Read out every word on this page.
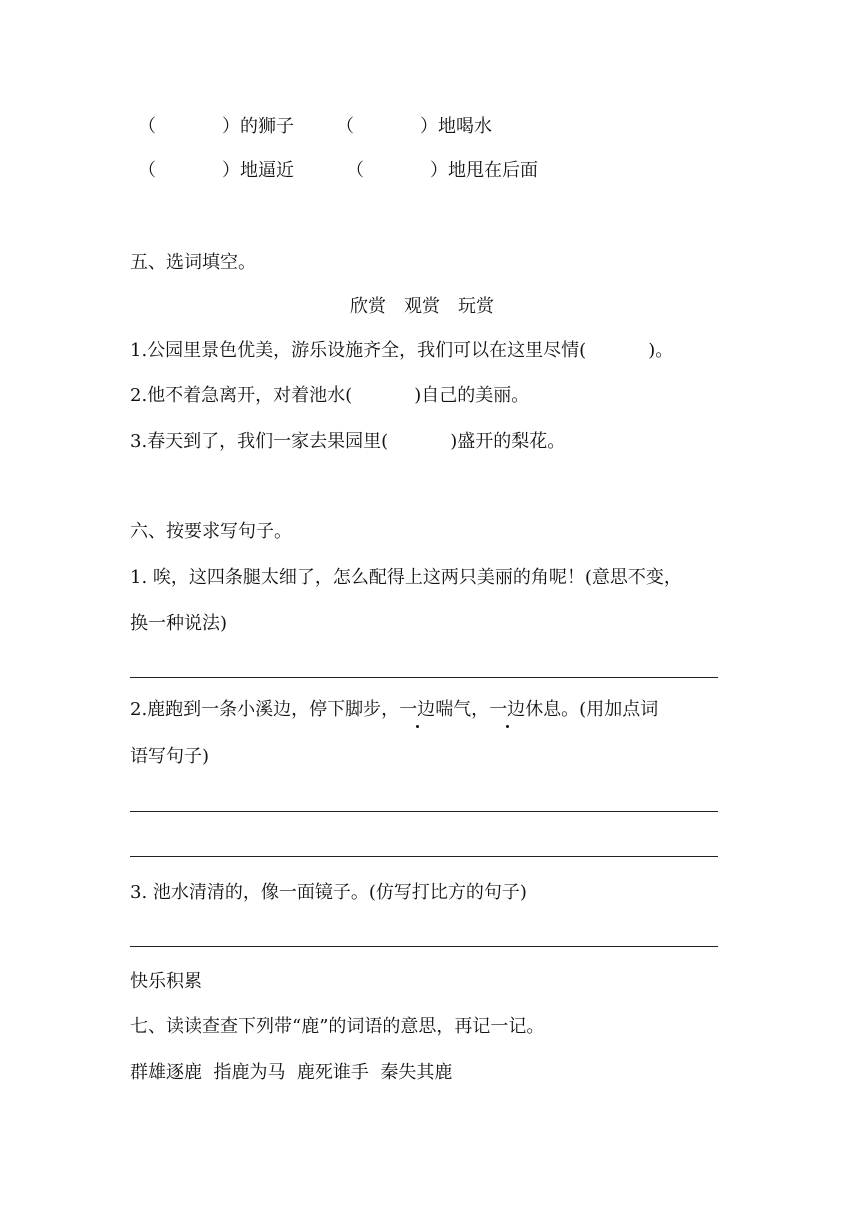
（	）的狮子 （	）地喝水
（	）地逼近	（	）地甩在后面
五、选词填空。
欣赏　观赏　玩赏
1.公园里景色优美，游乐设施齐全，我们可以在这里尽情(	)。
2.他不着急离开，对着池水(	)自己的美丽。
3.春天到了，我们一家去果园里(	)盛开的梨花。
六、按要求写句子。
1. 唉，这四条腿太细了，怎么配得上这两只美丽的角呢！(意思不变，
换一种说法)
2.鹿跑到一条小溪边，停下脚步，一边喘气，一边休息。(用加点词
语写句子)
3. 池水清清的，像一面镜子。(仿写打比方的句子)
快乐积累
七、读读查查下列带“鹿”的词语的意思，再记一记。
群雄逐鹿  指鹿为马  鹿死谁手  秦失其鹿
